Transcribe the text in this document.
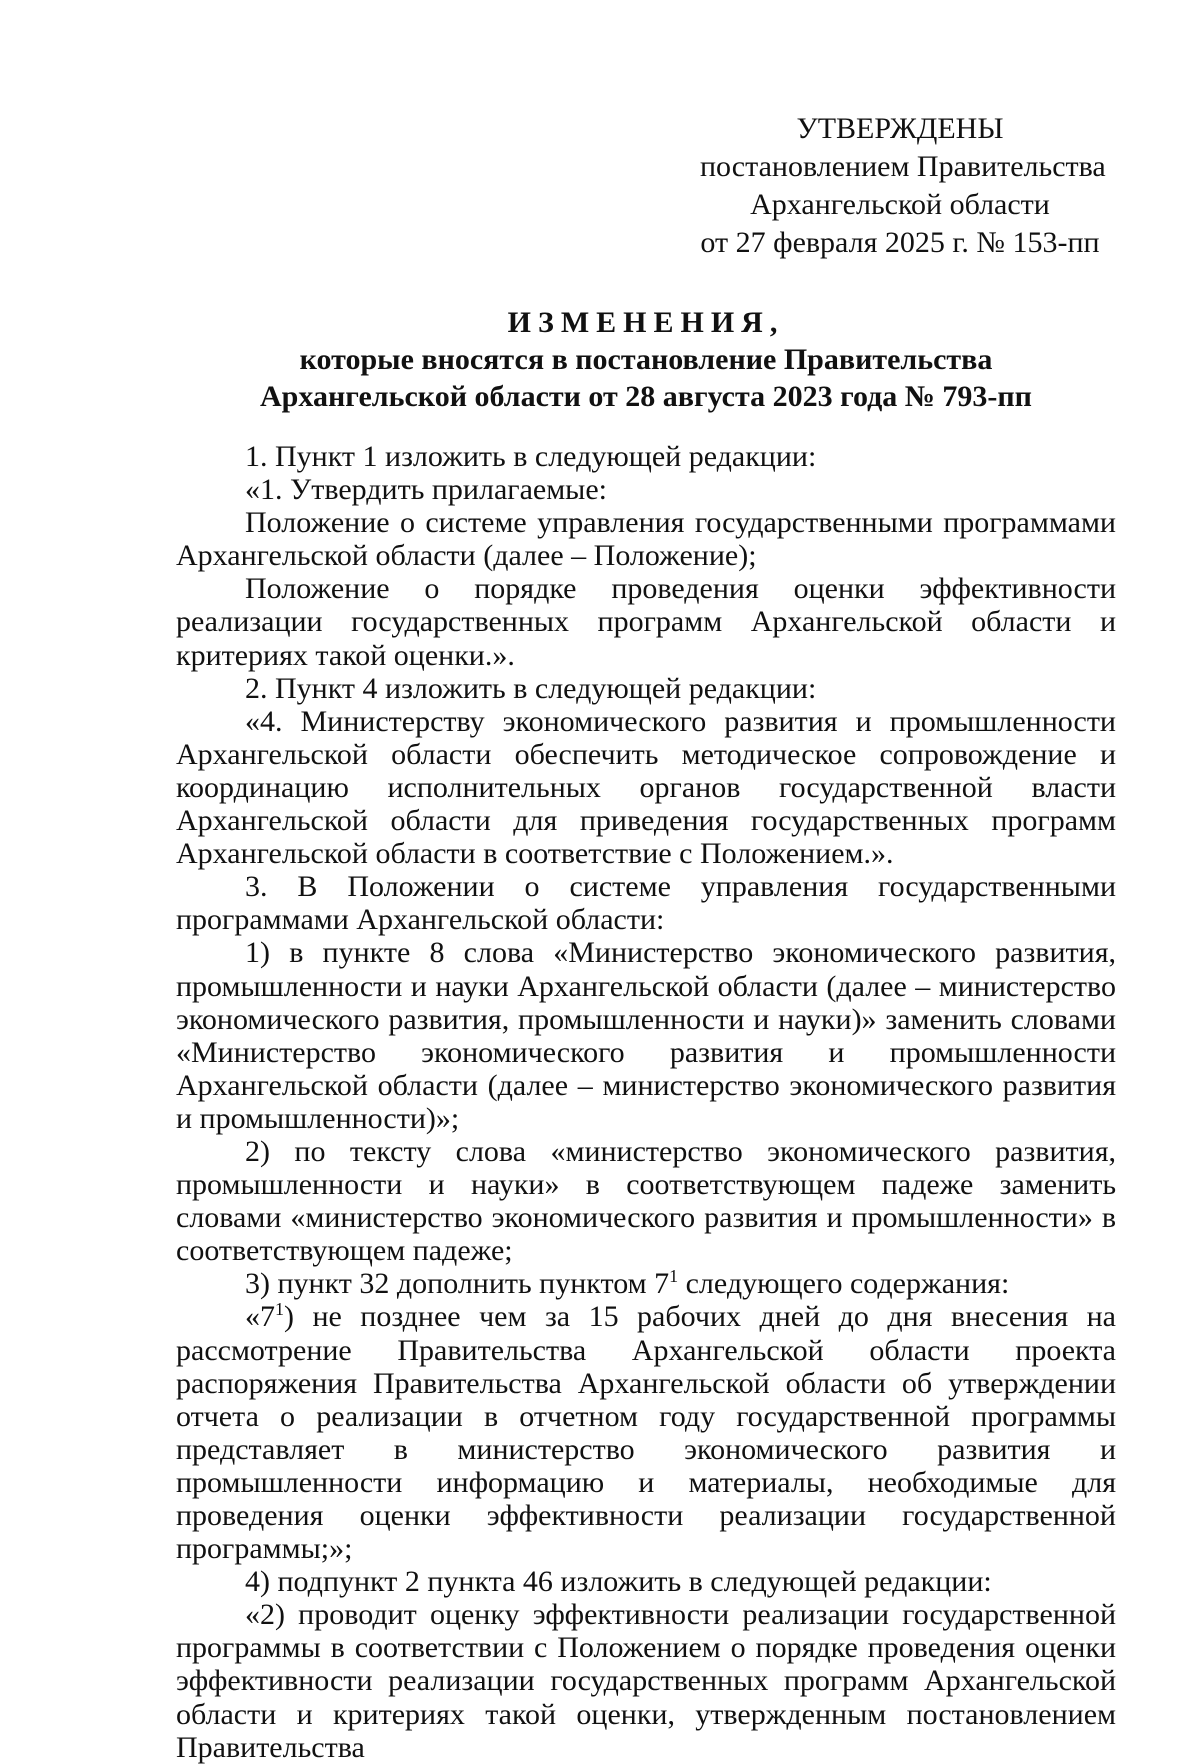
УТВЕРЖДЕНЫ
постановлением Правительства
Архангельской области
от 27 февраля 2025 г. № 153-пп
ИЗМЕНЕНИЯ,
которые вносятся в постановление Правительства
Архангельской области от 28 августа 2023 года № 793-пп

1. Пункт 1 изложить в следующей редакции:

«1. Утвердить прилагаемые:

Положение о системе управления государственными программами Архангельской области (далее – Положение);

Положение о порядке проведения оценки эффективности реализации государственных программ Архангельской области и критериях такой оценки.».

2. Пункт 4 изложить в следующей редакции:

«4. Министерству экономического развития и промышленности Архангельской области обеспечить методическое сопровождение и координацию исполнительных органов государственной власти Архангельской области для приведения государственных программ Архангельской области в соответствие с Положением.».

3. В Положении о системе управления государственными программами Архангельской области:

1) в пункте 8 слова «Министерство экономического развития, промышленности и науки Архангельской области (далее – министерство экономического развития, промышленности и науки)» заменить словами «Министерство экономического развития и промышленности Архангельской области (далее – министерство экономического развития и промышленности)»;

2) по тексту слова «министерство экономического развития, промышленности и науки» в соответствующем падеже заменить словами «министерство экономического развития и промышленности» в соответствующем падеже;

3) пункт 32 дополнить пунктом $7^1$ следующего содержания:

«$7^1$) не позднее чем за 15 рабочих дней до дня внесения на рассмотрение Правительства Архангельской области проекта распоряжения Правительства Архангельской области об утверждении отчета о реализации в отчетном году государственной программы представляет в министерство экономического развития и промышленности информацию и материалы, необходимые для проведения оценки эффективности реализации государственной программы;»;

4) подпункт 2 пункта 46 изложить в следующей редакции:

«2) проводит оценку эффективности реализации государственной программы в соответствии с Положением о порядке проведения оценки эффективности реализации государственных программ Архангельской области и критериях такой оценки, утвержденным постановлением Правительства
